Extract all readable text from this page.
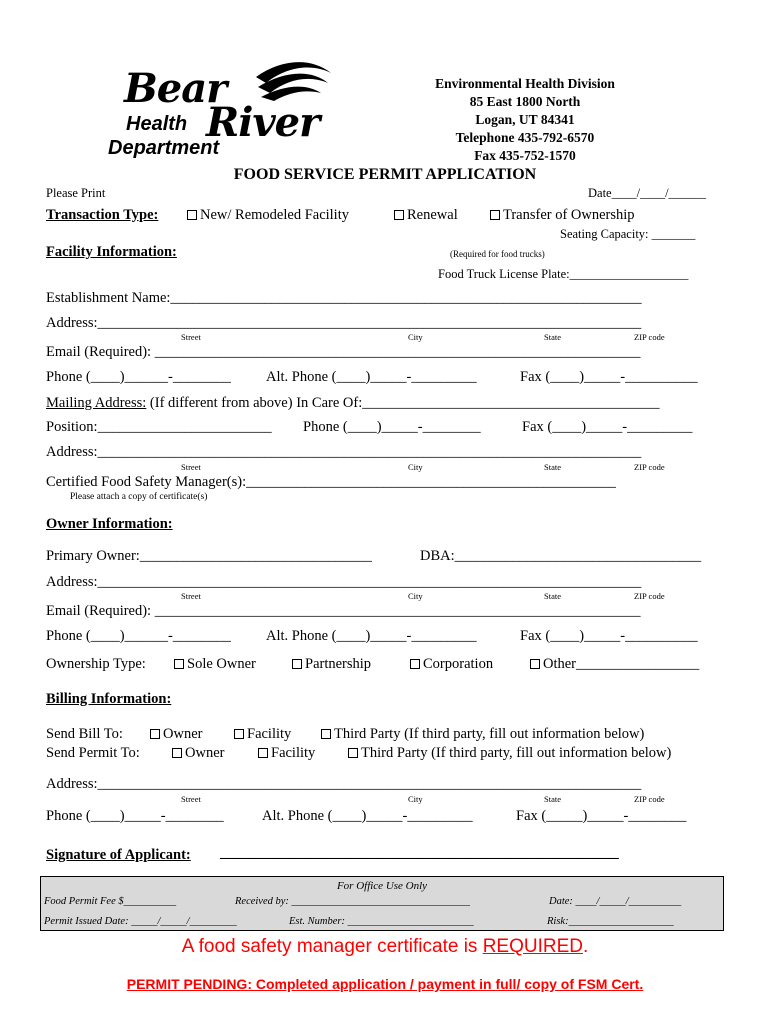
Bear
Health River
Department
Environmental Health Division
85 East 1800 North
Logan, UT 84341
Telephone 435-792-6570
Fax 435-752-1570
FOOD SERVICE PERMIT APPLICATION
Please Print	Date____/____/______
Transaction Type:	New/ Remodeled Facility	Renewal	Transfer of Ownership
Seating Capacity: _______
Facility Information:	(Required for food trucks)
Food Truck License Plate:___________________
Establishment Name:_________________________________________________________________
Address:___________________________________________________________________________
Street	City	State	ZIP code
Email (Required): ___________________________________________________________________
Phone (____)______-________ Alt. Phone (____)_____-_________	Fax (____)_____-__________
Mailing Address: (If different from above) In Care Of:_________________________________________
Position:________________________ Phone (____)_____-________	Fax (____)_____-_________
Address:___________________________________________________________________________
Street	City	State	ZIP code
Certified Food Safety Manager(s):___________________________________________________
Please attach a copy of certificate(s)
Owner Information:
Primary Owner:________________________________	DBA:__________________________________
Address:___________________________________________________________________________
Street	City	State	ZIP code
Email (Required): ___________________________________________________________________
Phone (____)______-________ Alt. Phone (____)_____-_________	Fax (____)_____-__________
Ownership Type:	Sole Owner	Partnership	Corporation	Other_________________
Billing Information:
Send Bill To:	Owner	Facility	Third Party (If third party, fill out information below)
Send Permit To:	Owner	Facility	Third Party (If third party, fill out information below)
Address:___________________________________________________________________________
Street	City	State	ZIP code
Phone (____)_____-________	Alt. Phone (____)_____-_________	Fax (_____)_____-________
Signature of Applicant: _______________________________________________________
For Office Use Only
Food Permit Fee $__________	Received by: __________________________________	Date: ____/_____/__________
Permit Issued Date: _____/_____/_________	Est. Number: ________________________	Risk:____________________
A food safety manager certificate is REQUIRED.
PERMIT PENDING: Completed application / payment in full/ copy of FSM Cert.
